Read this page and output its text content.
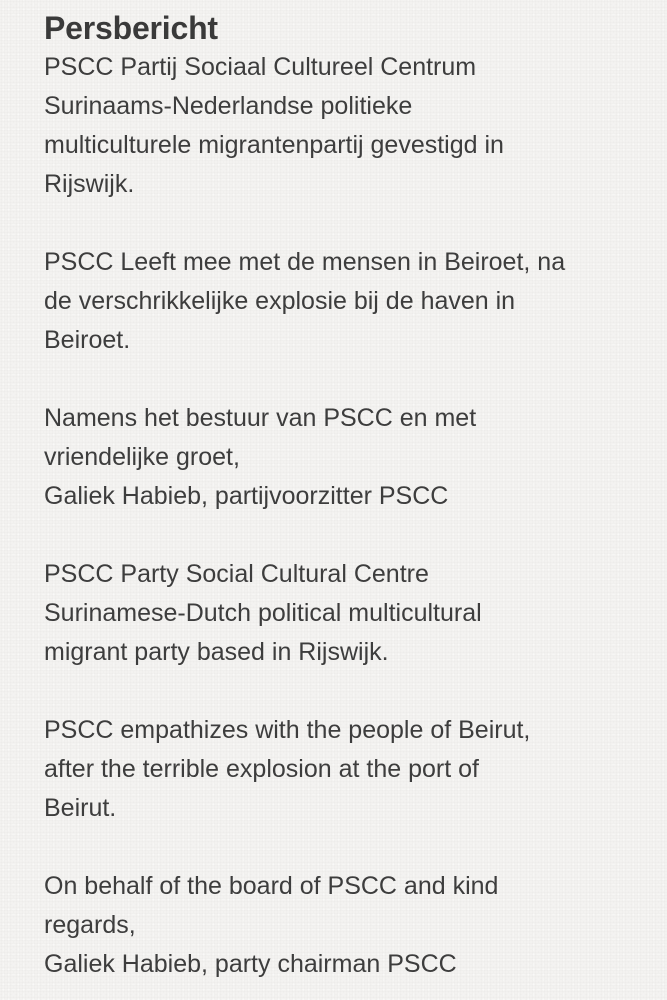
Persbericht

PSCC Partij Sociaal Cultureel Centrum

Surinaams-Nederlandse politieke

multiculturele migrantenpartij gevestigd in

Rijswijk.

PSCC Leeft mee met de mensen in Beiroet, na

de verschrikkelijke explosie bij de haven in

Beiroet.

Namens het bestuur van PSCC en met

vriendelijke groet,

Galiek Habieb, partijvoorzitter PSCC

PSCC Party Social Cultural Centre

Surinamese-Dutch political multicultural

migrant party based in Rijswijk.

PSCC empathizes with the people of Beirut,

after the terrible explosion at the port of

Beirut.

On behalf of the board of PSCC and kind

regards,

Galiek Habieb, party chairman PSCC
